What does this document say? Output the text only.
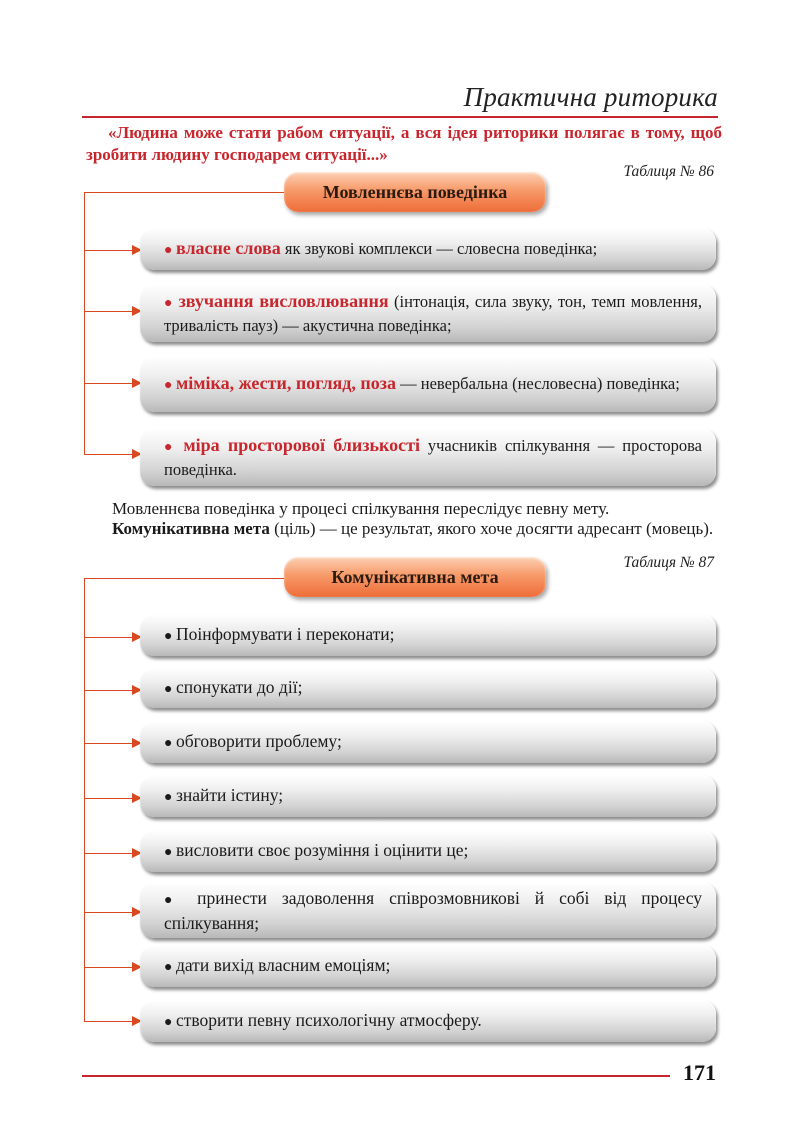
Практична риторика
«Людина може стати рабом ситуації, а вся ідея риторики полягає в тому, щоб зробити людину господарем ситуації...»
Таблиця № 86
Мовленнєва поведінка

● власне слова як звукові комплекси — словесна поведінка;

● звучання висловлювання (інтонація, сила звуку, тон, темп мовлення, тривалість пауз) — акустична поведінка;

● міміка, жести, погляд, поза — невербальна (несловесна) поведінка;

● міра просторової близькості учасників спілкування — просторова поведінка.

Мовленнєва поведінка у процесі спілкування переслідує певну мету.
Комунікативна мета (ціль) — це результат, якого хоче досягти адресант (мовець).
Таблиця № 87
Комунікативна мета

● Поінформувати і переконати;

● спонукати до дії;

● обговорити проблему;

● знайти істину;

● висловити своє розуміння і оцінити це;

● принести задоволення співрозмовникові й собі від процесу спілкування;

● дати вихід власним емоціям;

● створити певну психологічну атмосферу.

171
